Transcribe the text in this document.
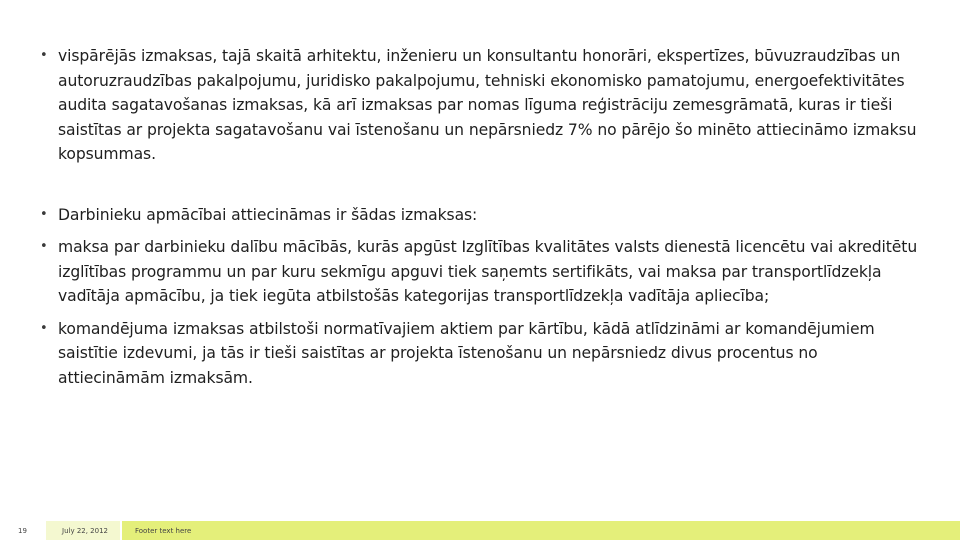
• vispārējās izmaksas, tajā skaitā arhitektu, inženieru un konsultantu honorāri, ekspertīzes, būvuzraudzības un autoruzraudzības pakalpojumu, juridisko pakalpojumu, tehniski ekonomisko pamatojumu, energoefektivitātes audita sagatavošanas izmaksas, kā arī izmaksas par nomas līguma reģistrāciju zemesgrāmatā, kuras ir tieši saistītas ar projekta sagatavošanu vai īstenošanu un nepārsniedz 7% no pārējo šo minēto attiecināmo izmaksu kopsummas.
• Darbinieku apmācībai attiecināmas ir šādas izmaksas:
• maksa par darbinieku dalību mācībās, kurās apgūst Izglītības kvalitātes valsts dienestā licencētu vai akreditētu izglītības programmu un par kuru sekmīgu apguvi tiek saņemts sertifikāts, vai maksa par transportlīdzekļa vadītāja apmācību, ja tiek iegūta atbilstošās kategorijas transportlīdzekļa vadītāja apliecība;
• komandējuma izmaksas atbilstoši normatīvajiem aktiem par kārtību, kādā atlīdzināmi ar komandējumiem saistītie izdevumi, ja tās ir tieši saistītas ar projekta īstenošanu un nepārsniedz divus procentus no attiecināmām izmaksām.
19	July 22, 2012	Footer text here
